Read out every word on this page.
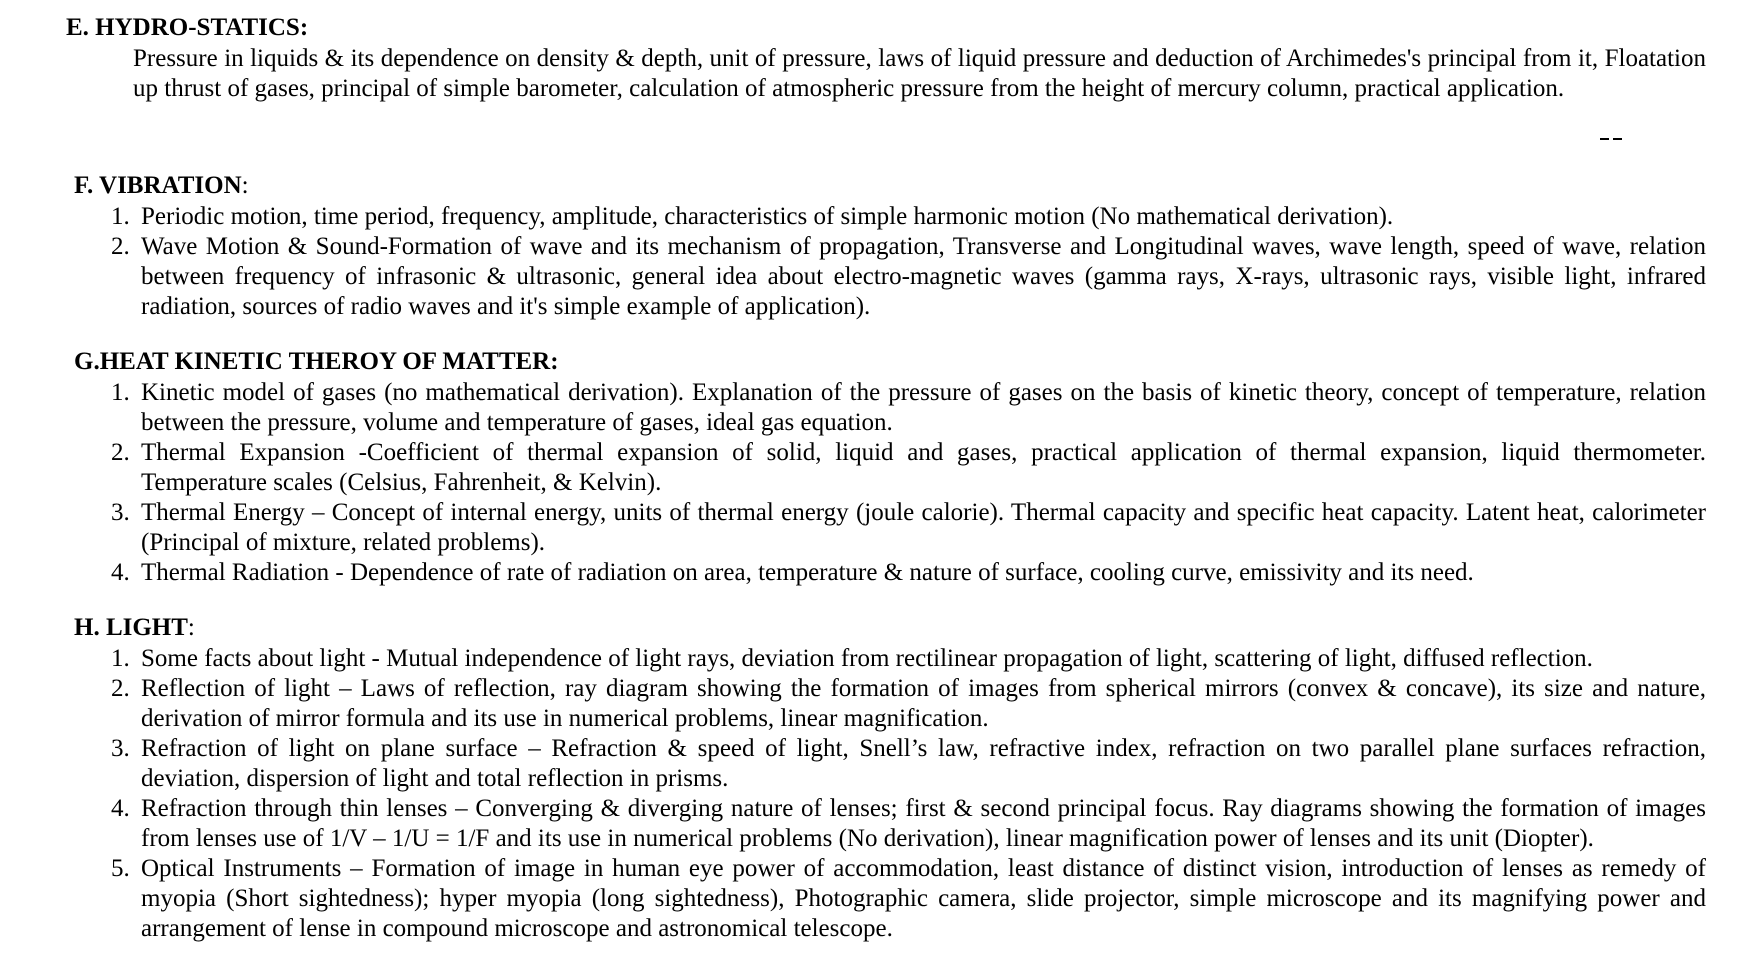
E. HYDRO-STATICS:
Pressure in liquids & its dependence on density & depth, unit of pressure, laws of liquid pressure and deduction of Archimedes's principal from it, Floatation up thrust of gases, principal of simple barometer, calculation of atmospheric pressure from the height of mercury column, practical application.
F. VIBRATION:
1. Periodic motion, time period, frequency, amplitude, characteristics of simple harmonic motion (No mathematical derivation).
2. Wave Motion & Sound-Formation of wave and its mechanism of propagation, Transverse and Longitudinal waves, wave length, speed of wave, relation between frequency of infrasonic & ultrasonic, general idea about electro-magnetic waves (gamma rays, X-rays, ultrasonic rays, visible light, infrared radiation, sources of radio waves and it's simple example of application).
G.HEAT KINETIC THEROY OF MATTER:
1. Kinetic model of gases (no mathematical derivation). Explanation of the pressure of gases on the basis of kinetic theory, concept of temperature, relation between the pressure, volume and temperature of gases, ideal gas equation.
2. Thermal Expansion -Coefficient of thermal expansion of solid, liquid and gases, practical application of thermal expansion, liquid thermometer. Temperature scales (Celsius, Fahrenheit, & Kelvin).
3. Thermal Energy – Concept of internal energy, units of thermal energy (joule calorie). Thermal capacity and specific heat capacity. Latent heat, calorimeter (Principal of mixture, related problems).
4. Thermal Radiation - Dependence of rate of radiation on area, temperature & nature of surface, cooling curve, emissivity and its need.
H. LIGHT:
1. Some facts about light - Mutual independence of light rays, deviation from rectilinear propagation of light, scattering of light, diffused reflection.
2. Reflection of light – Laws of reflection, ray diagram showing the formation of images from spherical mirrors (convex & concave), its size and nature, derivation of mirror formula and its use in numerical problems, linear magnification.
3. Refraction of light on plane surface – Refraction & speed of light, Snell’s law, refractive index, refraction on two parallel plane surfaces refraction, deviation, dispersion of light and total reflection in prisms.
4. Refraction through thin lenses – Converging & diverging nature of lenses; first & second principal focus. Ray diagrams showing the formation of images from lenses use of 1/V – 1/U = 1/F and its use in numerical problems (No derivation), linear magnification power of lenses and its unit (Diopter).
5. Optical Instruments – Formation of image in human eye power of accommodation, least distance of distinct vision, introduction of lenses as remedy of myopia (Short sightedness); hyper myopia (long sightedness), Photographic camera, slide projector, simple microscope and its magnifying power and arrangement of lense in compound microscope and astronomical telescope.
